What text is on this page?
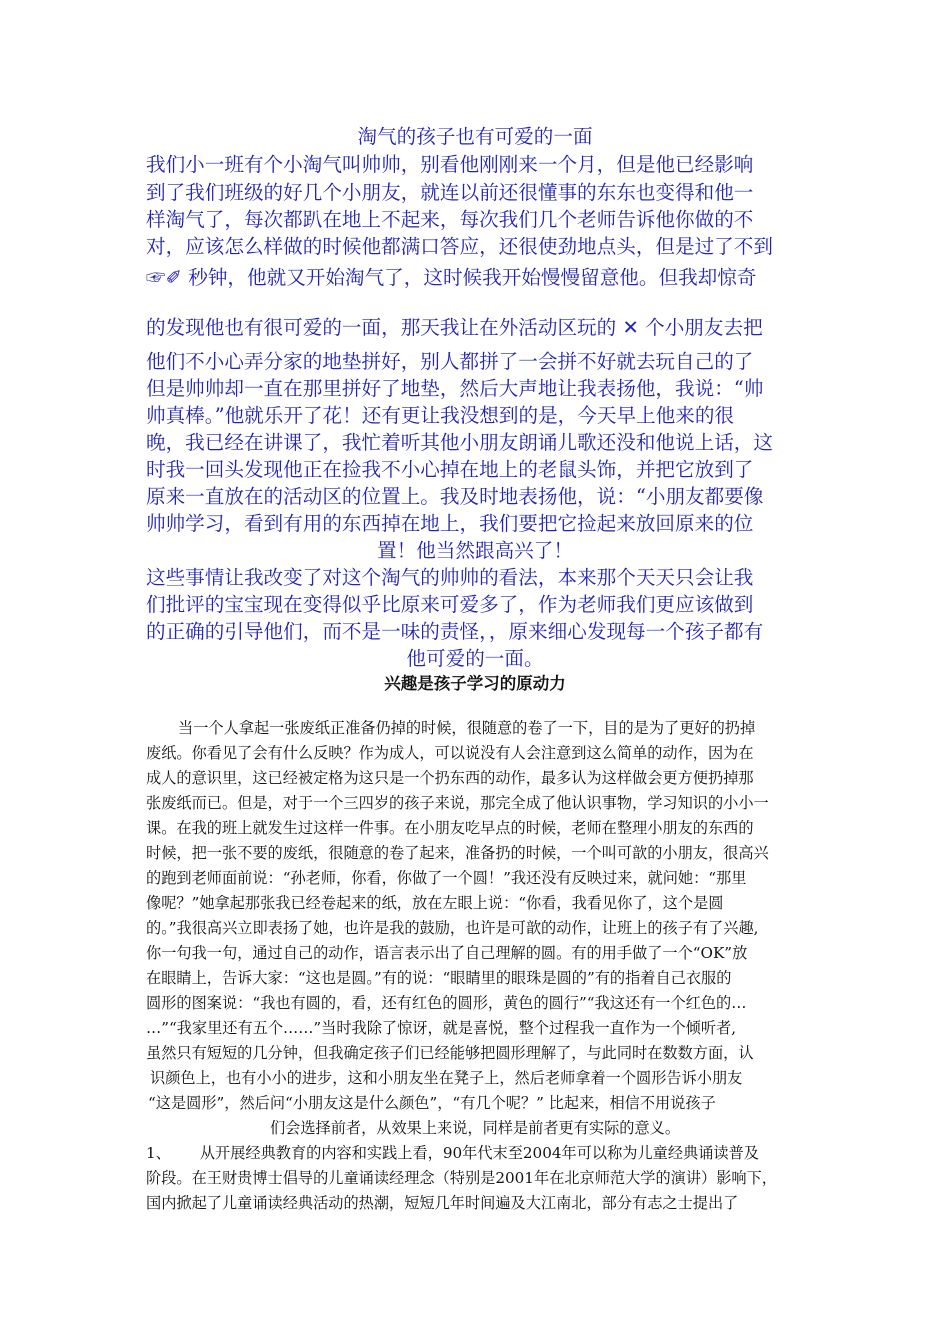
淘气的孩子也有可爱的一面
我们小一班有个小淘气叫帅帅，别看他刚刚来一个月，但是他已经影响
到了我们班级的好几个小朋友，就连以前还很懂事的东东也变得和他一
样淘气了，每次都趴在地上不起来，每次我们几个老师告诉他你做的不
对，应该怎么样做的时候他都满口答应，还很使劲地点头，但是过了不到
☞✐ 秒钟，他就又开始淘气了，这时候我开始慢慢留意他。但我却惊奇
的发现他也有很可爱的一面，那天我让在外活动区玩的 ✕ 个小朋友去把
他们不小心弄分家的地垫拼好，别人都拼了一会拼不好就去玩自己的了
但是帅帅却一直在那里拼好了地垫，然后大声地让我表扬他，我说：“帅
帅真棒。”他就乐开了花！还有更让我没想到的是，今天早上他来的很
晚，我已经在讲课了，我忙着听其他小朋友朗诵儿歌还没和他说上话，这
时我一回头发现他正在捡我不小心掉在地上的老鼠头饰，并把它放到了
原来一直放在的活动区的位置上。我及时地表扬他，说：“小朋友都要像
帅帅学习，看到有用的东西掉在地上，我们要把它捡起来放回原来的位
置！他当然跟高兴了！
这些事情让我改变了对这个淘气的帅帅的看法，本来那个天天只会让我
们批评的宝宝现在变得似乎比原来可爱多了，作为老师我们更应该做到
的正确的引导他们，而不是一味的责怪，，原来细心发现每一个孩子都有
他可爱的一面。
兴趣是孩子学习的原动力
当一个人拿起一张废纸正准备仍掉的时候，很随意的卷了一下，目的是为了更好的扔掉
废纸。你看见了会有什么反映？作为成人，可以说没有人会注意到这么简单的动作，因为在
成人的意识里，这已经被定格为这只是一个扔东西的动作，最多认为这样做会更方便扔掉那
张废纸而已。但是，对于一个三四岁的孩子来说，那完全成了他认识事物，学习知识的小小一
课。在我的班上就发生过这样一件事。在小朋友吃早点的时候，老师在整理小朋友的东西的
时候，把一张不要的废纸，很随意的卷了起来，准备扔的时候，一个叫可歆的小朋友，很高兴
的跑到老师面前说：“孙老师，你看，你做了一个圆！”我还没有反映过来，就问她：“那里
像呢？”她拿起那张我已经卷起来的纸，放在左眼上说：“你看，我看见你了，这个是圆
的。”我很高兴立即表扬了她，也许是我的鼓励，也许是可歆的动作，让班上的孩子有了兴趣,
你一句我一句，通过自己的动作，语言表示出了自己理解的圆。有的用手做了一个“OK”放
在眼睛上，告诉大家：“这也是圆。”有的说：“眼睛里的眼珠是圆的”有的指着自己衣服的
圆形的图案说：“我也有圆的，看，还有红色的圆形，黄色的圆行”“我这还有一个红色的…
…”“我家里还有五个……”当时我除了惊讶，就是喜悦，整个过程我一直作为一个倾听者,
虽然只有短短的几分钟，但我确定孩子们已经能够把圆形理解了，与此同时在数数方面，认
识颜色上，也有小小的进步，这和小朋友坐在凳子上，然后老师拿着一个圆形告诉小朋友
“这是圆形”，然后问“小朋友这是什么颜色”，“有几个呢？” 比起来，相信不用说孩子
们会选择前者，从效果上来说，同样是前者更有实际的意义。
1、      从开展经典教育的内容和实践上看，90年代末至2004年可以称为儿童经典诵读普及
阶段。在王财贵博士倡导的儿童诵读经理念（特别是2001年在北京师范大学的演讲）影响下，
国内掀起了儿童诵读经典活动的热潮，短短几年时间遍及大江南北，部分有志之士提出了
